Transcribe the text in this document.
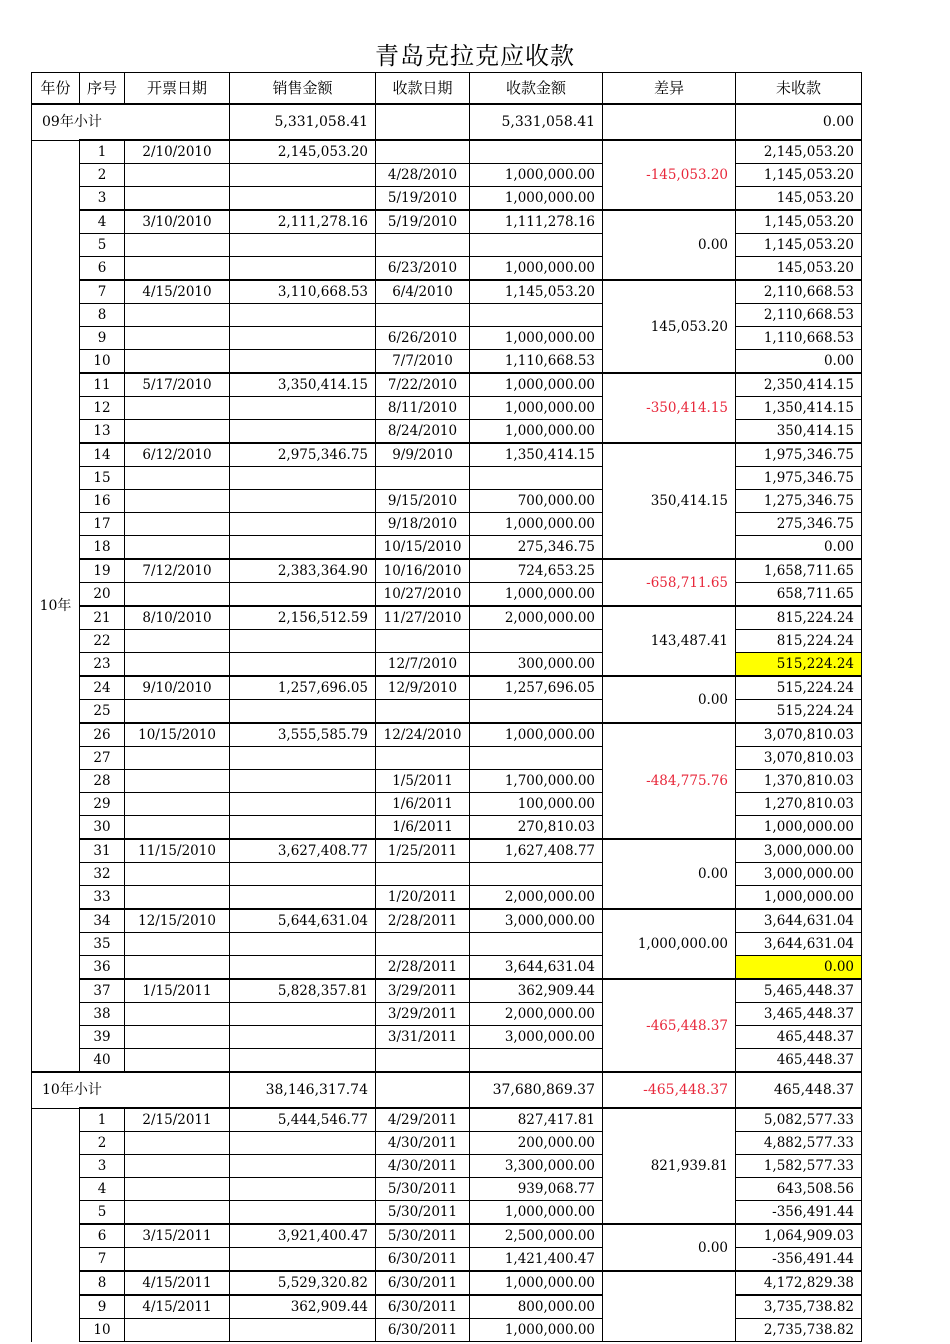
青岛克拉克应收款
年份	序号	开票日期	销售金额	收款日期	收款金额	差异	未收款
09年小计			5,331,058.41		5,331,058.41		0.00
10年	1	2/10/2010	2,145,053.20			-145,053.20	2,145,053.20
	2			4/28/2010	1,000,000.00		1,145,053.20
	3			5/19/2010	1,000,000.00		145,053.20
	4	3/10/2010	2,111,278.16	5/19/2010	1,111,278.16	0.00	1,145,053.20
	5						1,145,053.20
	6			6/23/2010	1,000,000.00		145,053.20
	7	4/15/2010	3,110,668.53	6/4/2010	1,145,053.20	145,053.20	2,110,668.53
	8						2,110,668.53
	9			6/26/2010	1,000,000.00		1,110,668.53
	10			7/7/2010	1,110,668.53		0.00
	11	5/17/2010	3,350,414.15	7/22/2010	1,000,000.00	-350,414.15	2,350,414.15
	12			8/11/2010	1,000,000.00		1,350,414.15
	13			8/24/2010	1,000,000.00		350,414.15
	14	6/12/2010	2,975,346.75	9/9/2010	1,350,414.15	350,414.15	1,975,346.75
	15						1,975,346.75
	16			9/15/2010	700,000.00		1,275,346.75
	17			9/18/2010	1,000,000.00		275,346.75
	18			10/15/2010	275,346.75		0.00
	19	7/12/2010	2,383,364.90	10/16/2010	724,653.25	-658,711.65	1,658,711.65
	20			10/27/2010	1,000,000.00		658,711.65
	21	8/10/2010	2,156,512.59	11/27/2010	2,000,000.00	143,487.41	815,224.24
	22						815,224.24
	23			12/7/2010	300,000.00		515,224.24
	24	9/10/2010	1,257,696.05	12/9/2010	1,257,696.05	0.00	515,224.24
	25						515,224.24
	26	10/15/2010	3,555,585.79	12/24/2010	1,000,000.00	-484,775.76	3,070,810.03
	27						3,070,810.03
	28			1/5/2011	1,700,000.00		1,370,810.03
	29			1/6/2011	100,000.00		1,270,810.03
	30			1/6/2011	270,810.03		1,000,000.00
	31	11/15/2010	3,627,408.77	1/25/2011	1,627,408.77	0.00	3,000,000.00
	32						3,000,000.00
	33			1/20/2011	2,000,000.00		1,000,000.00
	34	12/15/2010	5,644,631.04	2/28/2011	3,000,000.00	1,000,000.00	3,644,631.04
	35						3,644,631.04
	36			2/28/2011	3,644,631.04		0.00
	37	1/15/2011	5,828,357.81	3/29/2011	362,909.44	-465,448.37	5,465,448.37
	38			3/29/2011	2,000,000.00		3,465,448.37
	39			3/31/2011	3,000,000.00		465,448.37
	40						465,448.37
10年小计			38,146,317.74		37,680,869.37	-465,448.37	465,448.37
	1	2/15/2011	5,444,546.77	4/29/2011	827,417.81	821,939.81	5,082,577.33
	2			4/30/2011	200,000.00		4,882,577.33
	3			4/30/2011	3,300,000.00		1,582,577.33
	4			5/30/2011	939,068.77		643,508.56
	5			5/30/2011	1,000,000.00		-356,491.44
	6	3/15/2011	3,921,400.47	5/30/2011	2,500,000.00	0.00	1,064,909.03
	7			6/30/2011	1,421,400.47		-356,491.44
	8	4/15/2011	5,529,320.82	6/30/2011	1,000,000.00		4,172,829.38
	9	4/15/2011	362,909.44	6/30/2011	800,000.00		3,735,738.82
	10			6/30/2011	1,000,000.00		2,735,738.82
